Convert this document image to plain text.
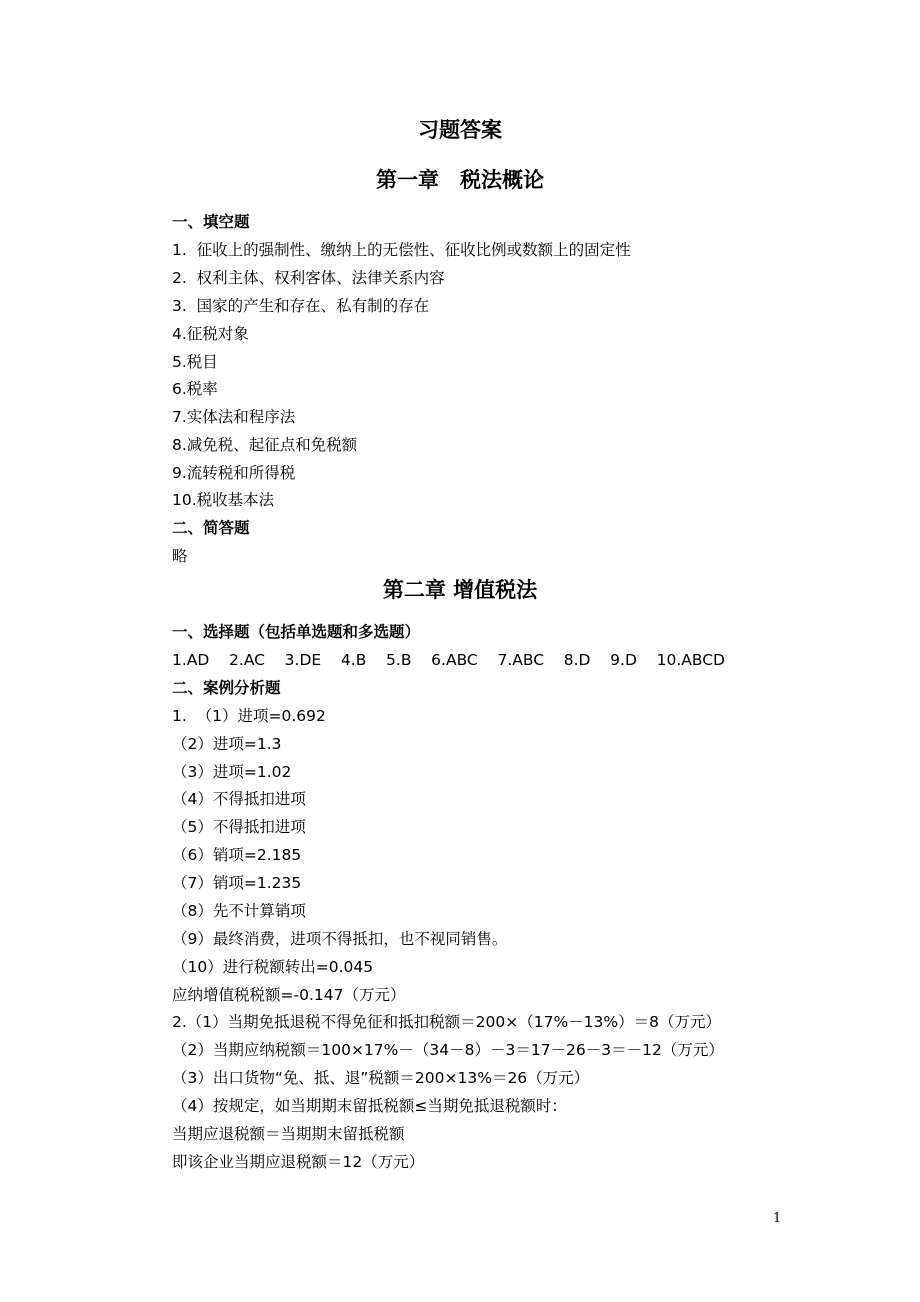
习题答案
第一章　税法概论
一、填空题
1.  征收上的强制性、缴纳上的无偿性、征收比例或数额上的固定性
2.  权利主体、权利客体、法律关系内容
3.  国家的产生和存在、私有制的存在
4.征税对象
5.税目
6.税率
7.实体法和程序法
8.减免税、起征点和免税额
9.流转税和所得税
10.税收基本法
二、简答题
略
第二章 增值税法
一、选择题（包括单选题和多选题）
1.AD    2.AC    3.DE    4.B    5.B    6.ABC    7.ABC    8.D    9.D    10.ABCD
二、案例分析题
1.  （1）进项=0.692
（2）进项=1.3
（3）进项=1.02
（4）不得抵扣进项
（5）不得抵扣进项
（6）销项=2.185
（7）销项=1.235
（8）先不计算销项
（9）最终消费，进项不得抵扣，也不视同销售。
（10）进行税额转出=0.045
应纳增值税税额=-0.147（万元）
2.（1）当期免抵退税不得免征和抵扣税额＝200×（17%－13%）＝8（万元）
（2）当期应纳税额＝100×17%－（34－8）－3＝17－26－3＝－12（万元）
（3）出口货物“免、抵、退”税额＝200×13%＝26（万元）
（4）按规定，如当期期末留抵税额≤当期免抵退税额时：
当期应退税额＝当期期末留抵税额
即该企业当期应退税额＝12（万元）
1
